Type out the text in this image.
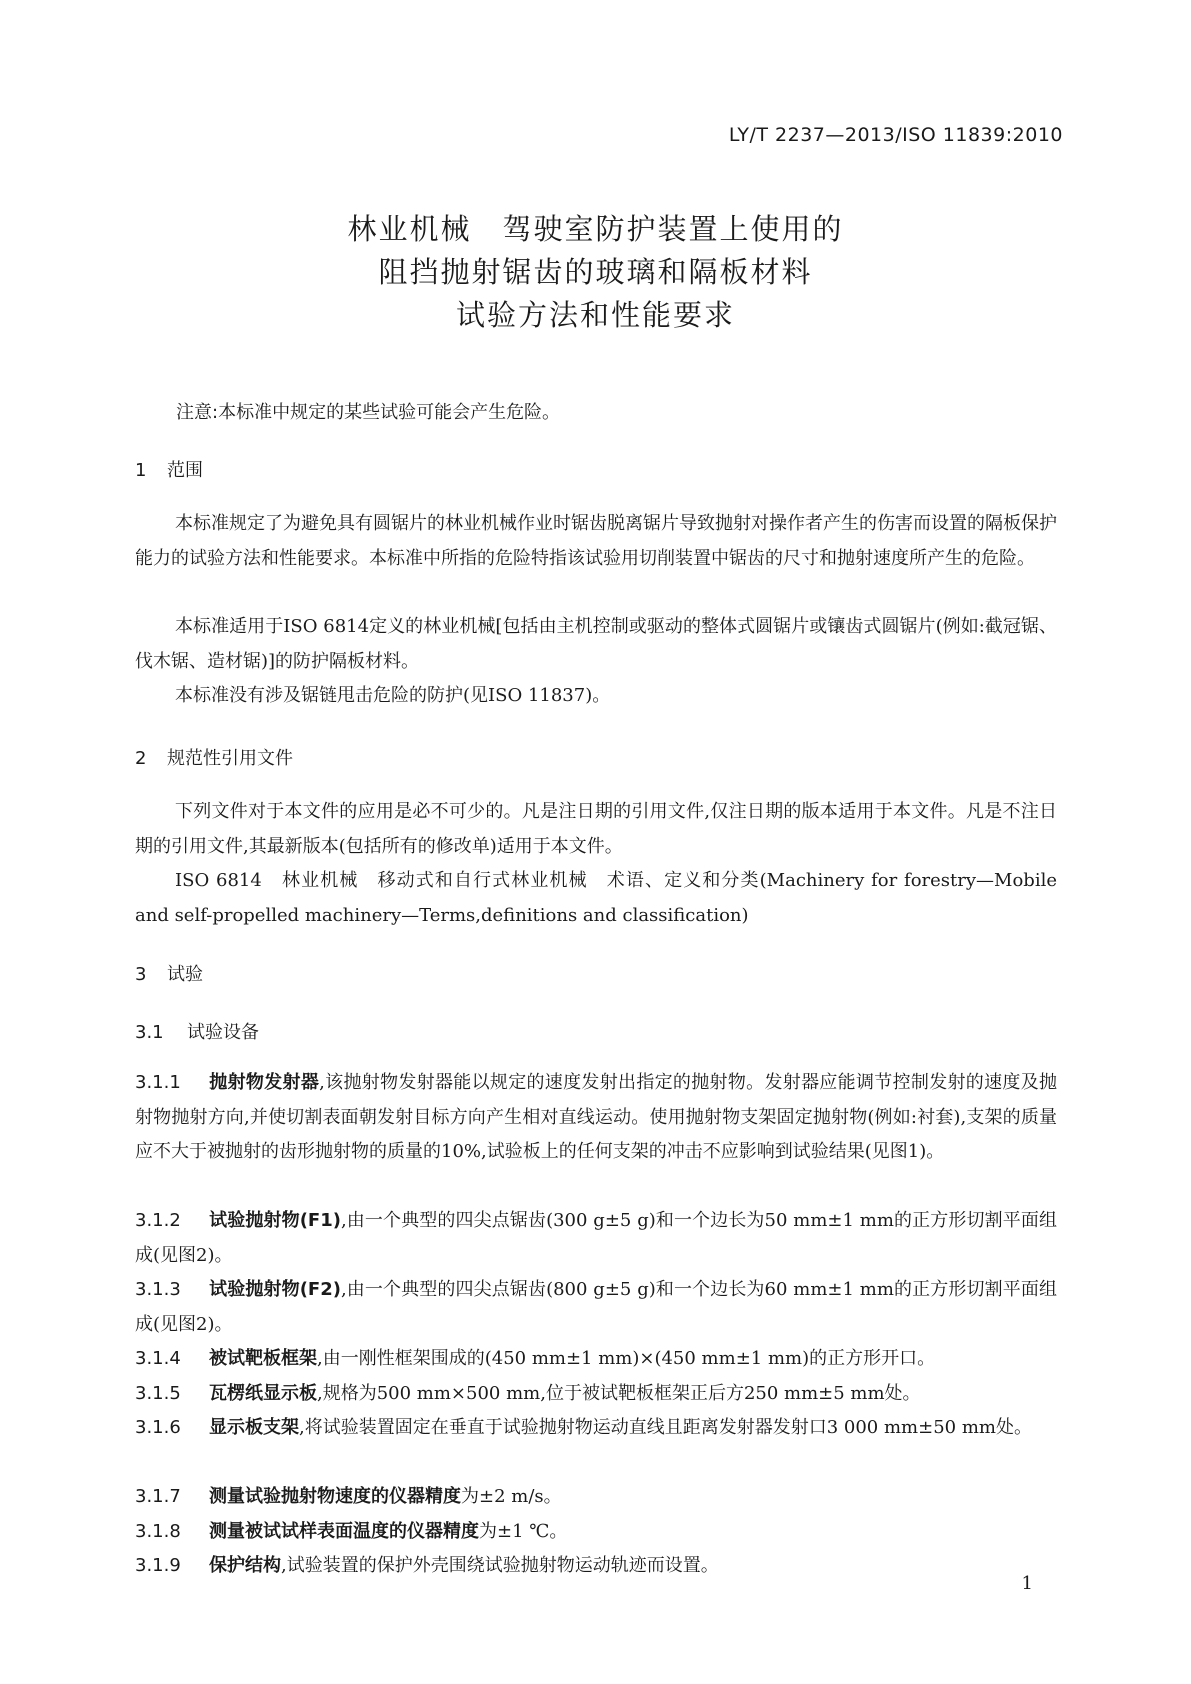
LY/T 2237—2013/ISO 11839:2010
林业机械　驾驶室防护装置上使用的
阻挡抛射锯齿的玻璃和隔板材料
试验方法和性能要求
注意:本标准中规定的某些试验可能会产生危险。
1 范围

本标准规定了为避免具有圆锯片的林业机械作业时锯齿脱离锯片导致抛射对操作者产生的伤害而设置的隔板保护能力的试验方法和性能要求。本标准中所指的危险特指该试验用切削装置中锯齿的尺寸和抛射速度所产生的危险。

本标准适用于ISO 6814定义的林业机械[包括由主机控制或驱动的整体式圆锯片或镶齿式圆锯片(例如:截冠锯、伐木锯、造材锯)]的防护隔板材料。

本标准没有涉及锯链甩击危险的防护(见ISO 11837)。

2 规范性引用文件

下列文件对于本文件的应用是必不可少的。凡是注日期的引用文件,仅注日期的版本适用于本文件。凡是不注日期的引用文件,其最新版本(包括所有的修改单)适用于本文件。

ISO 6814　林业机械　移动式和自行式林业机械　术语、定义和分类(Machinery for forestry—Mobile and self-propelled machinery—Terms,definitions and classification)

3 试验
3.1 试验设备

3.1.1 抛射物发射器,该抛射物发射器能以规定的速度发射出指定的抛射物。发射器应能调节控制发射的速度及抛射物抛射方向,并使切割表面朝发射目标方向产生相对直线运动。使用抛射物支架固定抛射物(例如:衬套),支架的质量应不大于被抛射的齿形抛射物的质量的10%,试验板上的任何支架的冲击不应影响到试验结果(见图1)。

3.1.2 试验抛射物(F1),由一个典型的四尖点锯齿(300 g±5 g)和一个边长为50 mm±1 mm的正方形切割平面组成(见图2)。

3.1.3 试验抛射物(F2),由一个典型的四尖点锯齿(800 g±5 g)和一个边长为60 mm±1 mm的正方形切割平面组成(见图2)。

3.1.4 被试靶板框架,由一刚性框架围成的(450 mm±1 mm)×(450 mm±1 mm)的正方形开口。

3.1.5 瓦楞纸显示板,规格为500 mm×500 mm,位于被试靶板框架正后方250 mm±5 mm处。

3.1.6 显示板支架,将试验装置固定在垂直于试验抛射物运动直线且距离发射器发射口3 000 mm±50 mm处。

3.1.7 测量试验抛射物速度的仪器精度为±2 m/s。

3.1.8 测量被试试样表面温度的仪器精度为±1 ℃。

3.1.9 保护结构,试验装置的保护外壳围绕试验抛射物运动轨迹而设置。

1
